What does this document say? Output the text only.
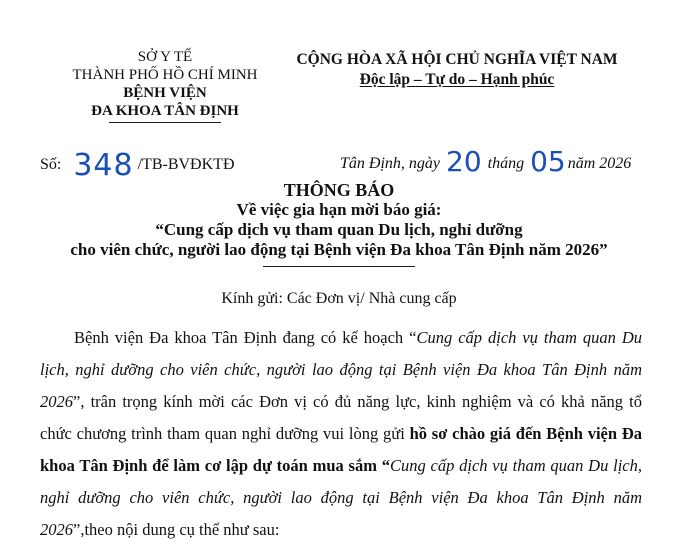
SỞ Y TẾ
THÀNH PHỐ HỒ CHÍ MINH
BỆNH VIỆN
ĐA KHOA TÂN ĐỊNH
CỘNG HÒA XÃ HỘI CHỦ NGHĨA VIỆT NAM
Độc lập – Tự do – Hạnh phúc
Số: 348 /TB-BVĐKTĐ	Tân Định, ngày 20 tháng 05 năm 2026
THÔNG BÁO
Về việc gia hạn mời báo giá:
“Cung cấp dịch vụ tham quan Du lịch, nghỉ dưỡng
cho viên chức, người lao động tại Bệnh viện Đa khoa Tân Định năm 2026”
Kính gửi: Các Đơn vị/ Nhà cung cấp

Bệnh viện Đa khoa Tân Định đang có kế hoạch “Cung cấp dịch vụ tham quan Du lịch, nghỉ dưỡng cho viên chức, người lao động tại Bệnh viện Đa khoa Tân Định năm 2026”, trân trọng kính mời các Đơn vị có đủ năng lực, kinh nghiệm và có khả năng tổ chức chương trình tham quan nghỉ dưỡng vui lòng gửi hồ sơ chào giá đến Bệnh viện Đa khoa Tân Định để làm cơ lập dự toán mua sắm “Cung cấp dịch vụ tham quan Du lịch, nghỉ dưỡng cho viên chức, người lao động tại Bệnh viện Đa khoa Tân Định năm 2026”,theo nội dung cụ thể như sau:
